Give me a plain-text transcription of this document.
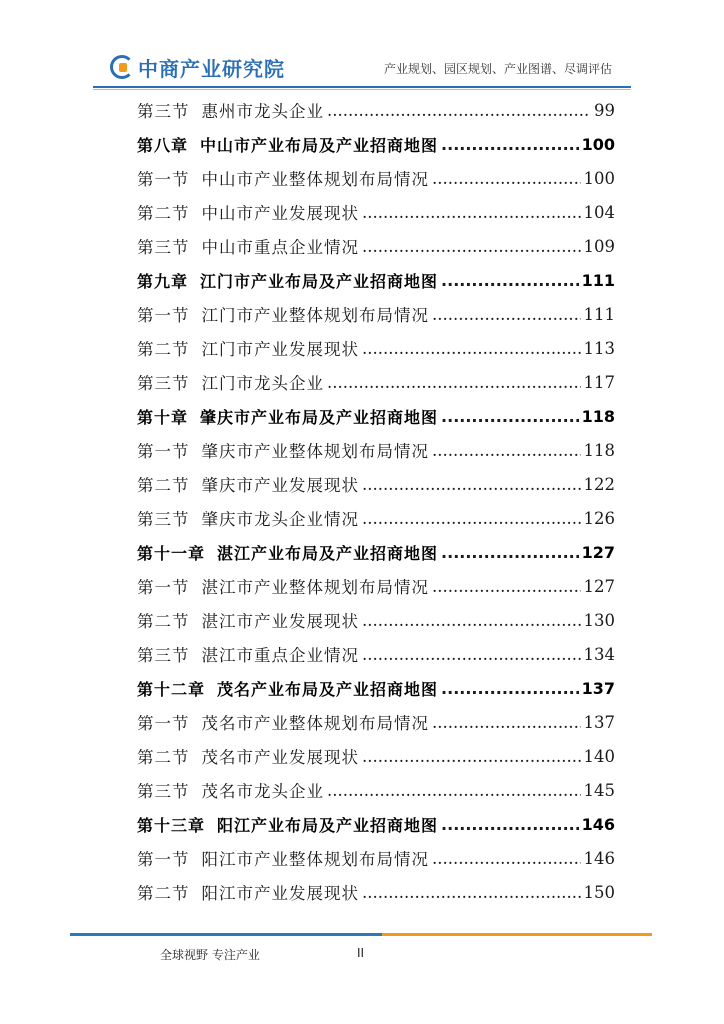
中商产业研究院	产业规划、园区规划、产业图谱、尽调评估
第三节 惠州市龙头企业 .....	99
第八章 中山市产业布局及产业招商地图 .....	100
第一节 中山市产业整体规划布局情况 .....	100
第二节 中山市产业发展现状 .....	104
第三节 中山市重点企业情况 .....	109
第九章 江门市产业布局及产业招商地图 .....	111
第一节 江门市产业整体规划布局情况 .....	111
第二节 江门市产业发展现状 .....	113
第三节 江门市龙头企业 .....	117
第十章 肇庆市产业布局及产业招商地图 .....	118
第一节 肇庆市产业整体规划布局情况 .....	118
第二节 肇庆市产业发展现状 .....	122
第三节 肇庆市龙头企业情况 .....	126
第十一章 湛江产业布局及产业招商地图 .....	127
第一节 湛江市产业整体规划布局情况 .....	127
第二节 湛江市产业发展现状 .....	130
第三节 湛江市重点企业情况 .....	134
第十二章 茂名产业布局及产业招商地图 .....	137
第一节 茂名市产业整体规划布局情况 .....	137
第二节 茂名市产业发展现状 .....	140
第三节 茂名市龙头企业 .....	145
第十三章 阳江产业布局及产业招商地图 .....	146
第一节 阳江市产业整体规划布局情况 .....	146
第二节 阳江市产业发展现状 .....	150
全球视野 专注产业	II
